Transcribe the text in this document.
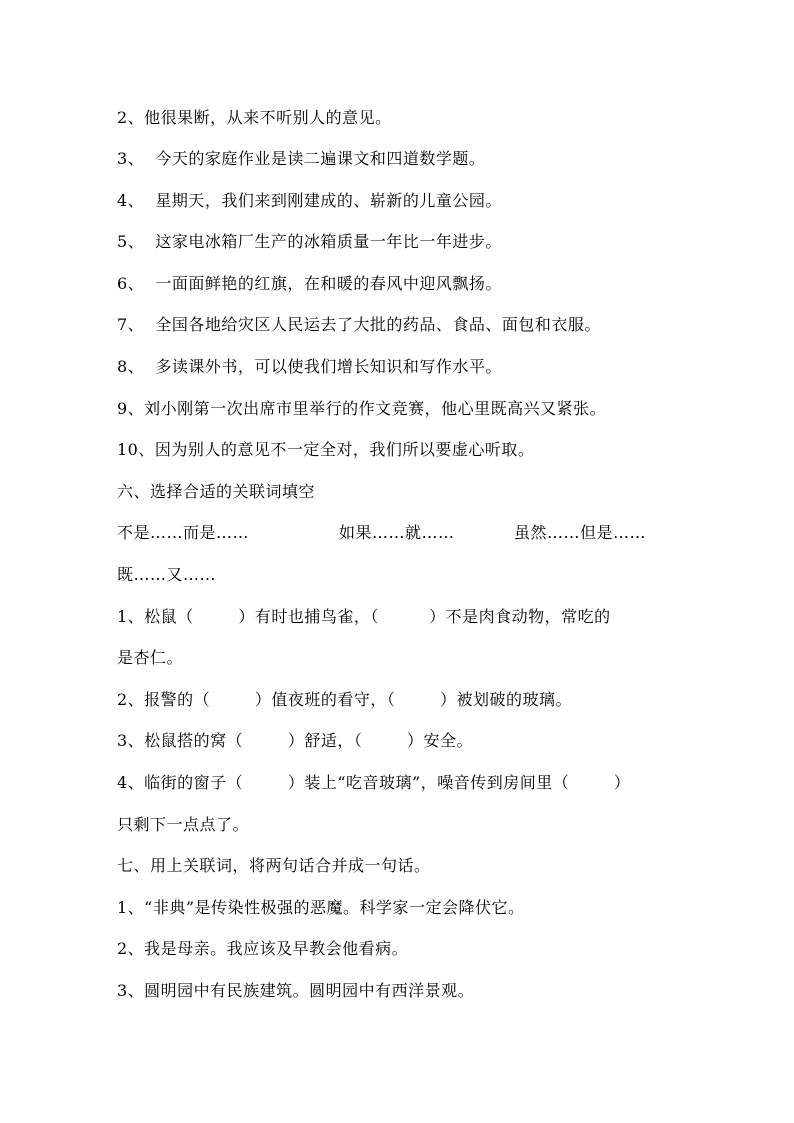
2、他很果断，从来不听别人的意见。
3、  今天的家庭作业是读二遍课文和四道数学题。
4、  星期天，我们来到刚建成的、崭新的儿童公园。
5、  这家电冰箱厂生产的冰箱质量一年比一年进步。
6、  一面面鲜艳的红旗，在和暖的春风中迎风飘扬。
7、  全国各地给灾区人民运去了大批的药品、食品、面包和衣服。
8、  多读课外书，可以使我们增长知识和写作水平。
9、刘小刚第一次出席市里举行的作文竞赛，他心里既高兴又紧张。
10、因为别人的意见不一定全对，我们所以要虚心听取。
六、选择合适的关联词填空

不是……而是……

	如果……就……

	虽然……但是……

既……又……
1、松鼠（        ）有时也捕鸟雀，（         ）不是肉食动物，常吃的
是杏仁。
2、报警的（        ）值夜班的看守，（        ）被划破的玻璃。
3、松鼠搭的窝（        ）舒适，（        ）安全。
4、临街的窗子（        ）装上“吃音玻璃”，噪音传到房间里（        ）
只剩下一点点了。
七、用上关联词，将两句话合并成一句话。
1、“非典”是传染性极强的恶魔。科学家一定会降伏它。
2、我是母亲。我应该及早教会他看病。
3、圆明园中有民族建筑。圆明园中有西洋景观。
